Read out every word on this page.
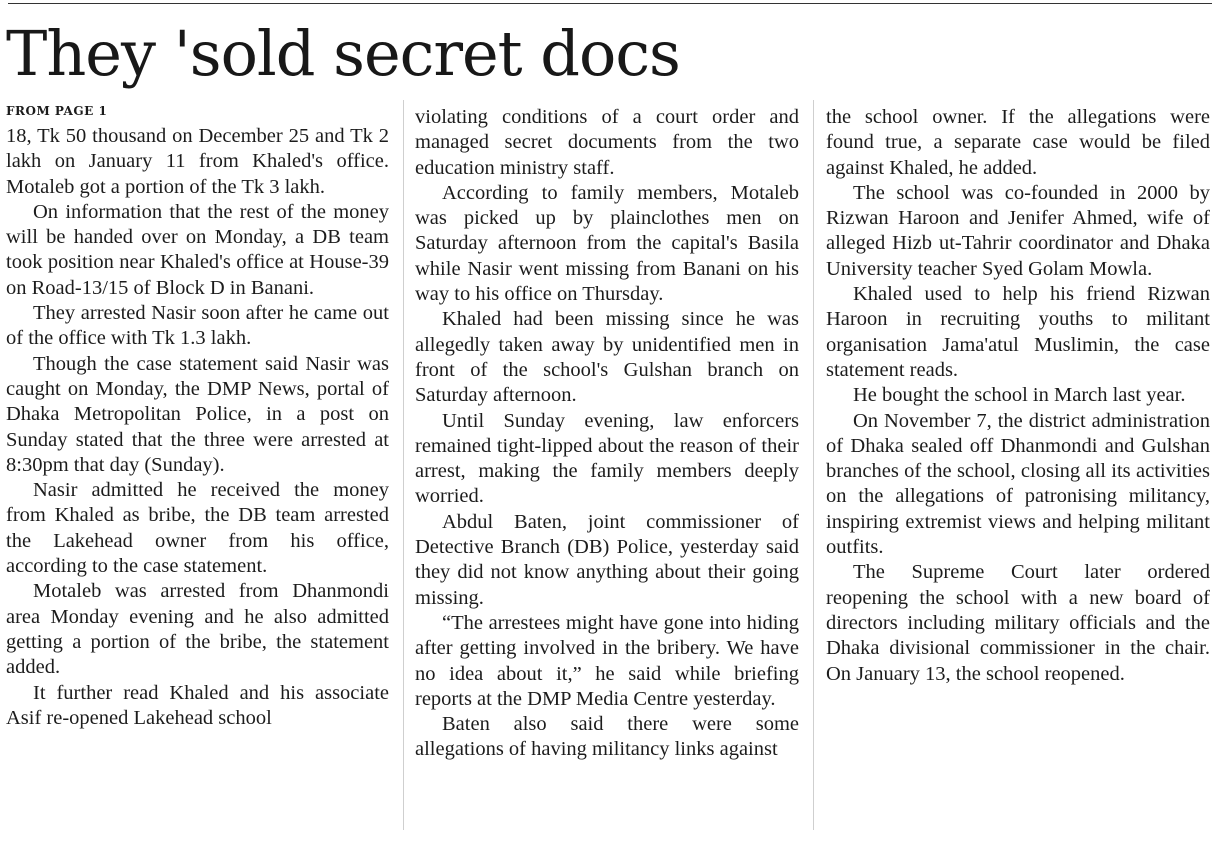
They 'sold secret docs
FROM PAGE 1

18, Tk 50 thousand on December 25 and Tk 2 lakh on January 11 from Khaled's office. Motaleb got a portion of the Tk 3 lakh.

On information that the rest of the money will be handed over on Monday, a DB team took position near Khaled's office at House-39 on Road-13/15 of Block D in Banani.

They arrested Nasir soon after he came out of the office with Tk 1.3 lakh.

Though the case statement said Nasir was caught on Monday, the DMP News, portal of Dhaka Metropolitan Police, in a post on Sunday stated that the three were arrested at 8:30pm that day (Sunday).

Nasir admitted he received the money from Khaled as bribe, the DB team arrested the Lakehead owner from his office, according to the case statement.

Motaleb was arrested from Dhanmondi area Monday evening and he also admitted getting a portion of the bribe, the statement added.

It further read Khaled and his associate Asif re-opened Lakehead school

violating conditions of a court order and managed secret documents from the two education ministry staff.

According to family members, Motaleb was picked up by plainclothes men on Saturday afternoon from the capital's Basila while Nasir went missing from Banani on his way to his office on Thursday.

Khaled had been missing since he was allegedly taken away by unidentified men in front of the school's Gulshan branch on Saturday afternoon.

Until Sunday evening, law enforcers remained tight-lipped about the reason of their arrest, making the family members deeply worried.

Abdul Baten, joint commissioner of Detective Branch (DB) Police, yesterday said they did not know anything about their going missing.

“The arrestees might have gone into hiding after getting involved in the bribery. We have no idea about it,” he said while briefing reports at the DMP Media Centre yesterday.

Baten also said there were some allegations of having militancy links against

the school owner. If the allegations were found true, a separate case would be filed against Khaled, he added.

The school was co-founded in 2000 by Rizwan Haroon and Jenifer Ahmed, wife of alleged Hizb ut-Tahrir coordinator and Dhaka University teacher Syed Golam Mowla.

Khaled used to help his friend Rizwan Haroon in recruiting youths to militant organisation Jama'atul Muslimin, the case statement reads.

He bought the school in March last year.

On November 7, the district administration of Dhaka sealed off Dhanmondi and Gulshan branches of the school, closing all its activities on the allegations of patronising militancy, inspiring extremist views and helping militant outfits.

The Supreme Court later ordered reopening the school with a new board of directors including military officials and the Dhaka divisional commissioner in the chair. On January 13, the school reopened.
